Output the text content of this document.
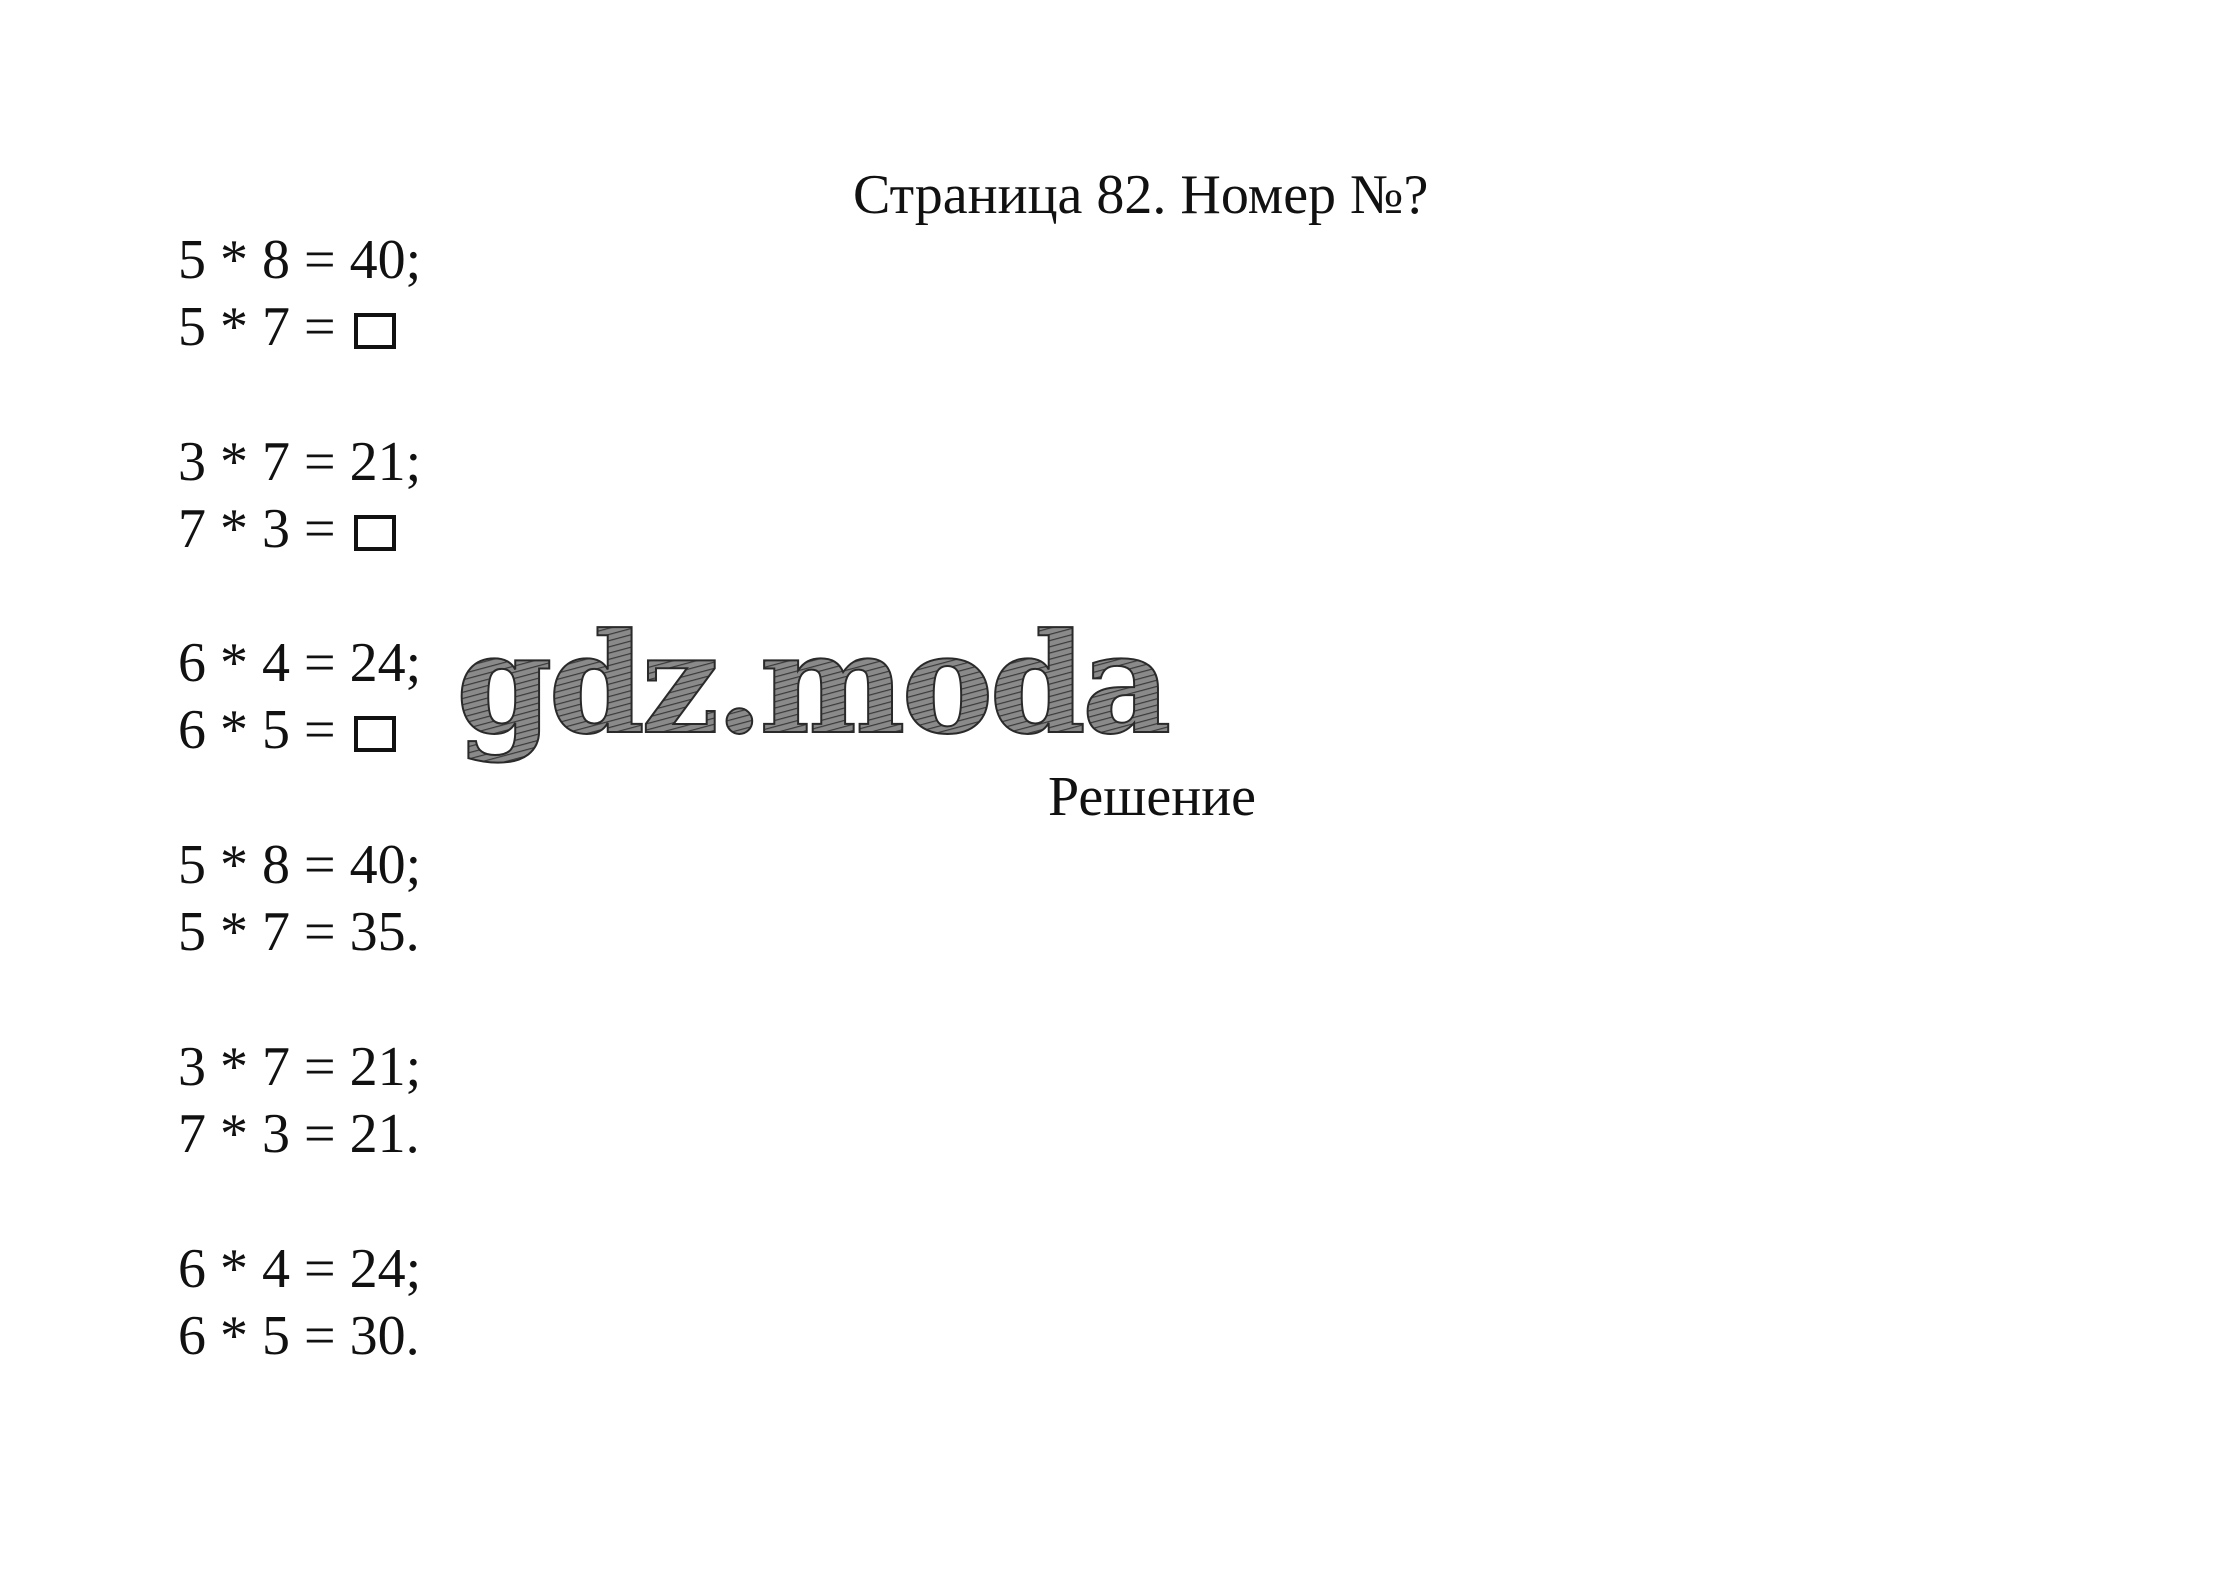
Страница 82. Номер №?
5 * 8 = 40;
5 * 7 =
3 * 7 = 21;
7 * 3 =
6 * 4 = 24;
6 * 5 = gdz.moda
Решение
5 * 8 = 40;
5 * 7 = 35.
3 * 7 = 21;
7 * 3 = 21.
6 * 4 = 24;
6 * 5 = 30.
